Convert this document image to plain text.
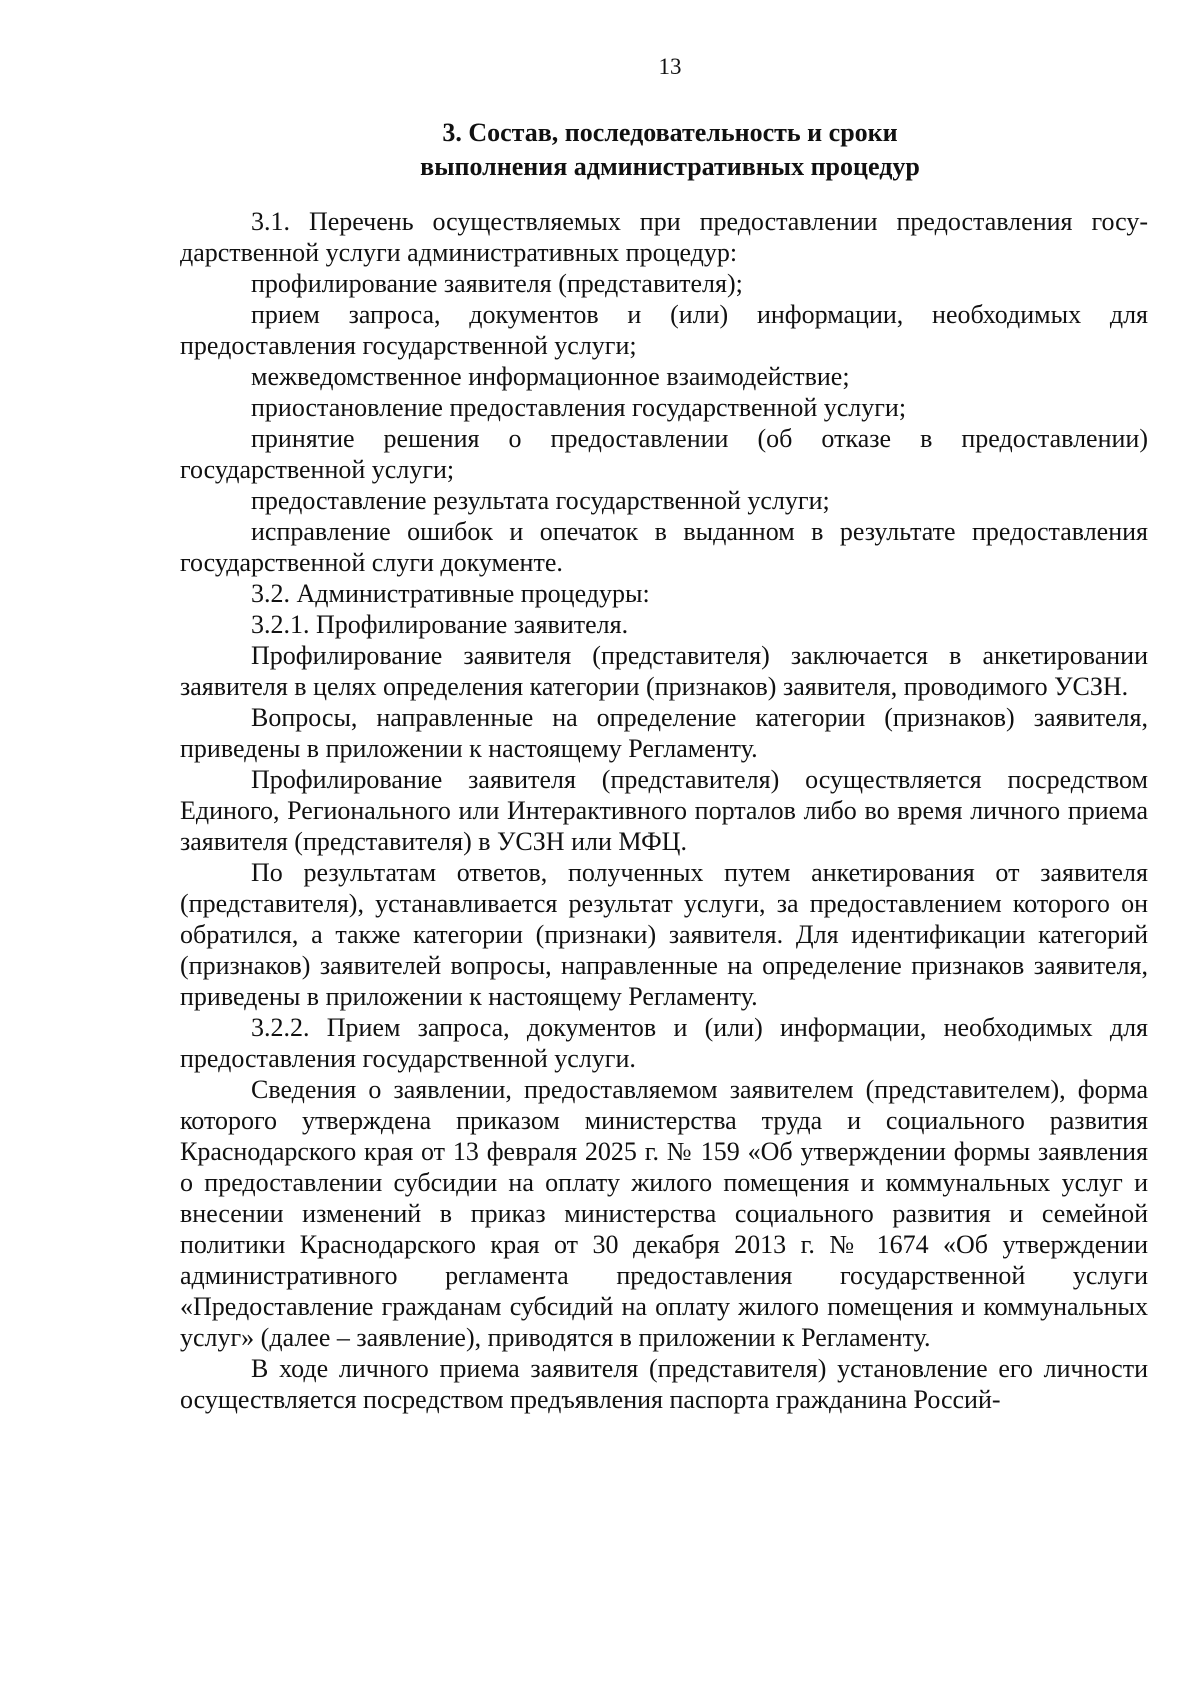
13
3. Состав, последовательность и сроки
выполнения административных процедур

3.1. Перечень осуществляемых при предоставлении предоставления государственной услуги административных процедур:

профилирование заявителя (представителя);

прием запроса, документов и (или) информации, необходимых для предоставления государственной услуги;

межведомственное информационное взаимодействие;

приостановление предоставления государственной услуги;

принятие решения о предоставлении (об отказе в предоставлении) государственной услуги;

предоставление результата государственной услуги;

исправление ошибок и опечаток в выданном в результате предоставления государственной слуги документе.

3.2. Административные процедуры:

3.2.1. Профилирование заявителя.

Профилирование заявителя (представителя) заключается в анкетировании заявителя в целях определения категории (признаков) заявителя, проводимого УСЗН.

Вопросы, направленные на определение категории (признаков) заявителя, приведены в приложении к настоящему Регламенту.

Профилирование заявителя (представителя) осуществляется посредством Единого, Регионального или Интерактивного порталов либо во время личного приема заявителя (представителя) в УСЗН или МФЦ.

По результатам ответов, полученных путем анкетирования от заявителя (представителя), устанавливается результат услуги, за предоставлением которого он обратился, а также категории (признаки) заявителя. Для идентификации категорий (признаков) заявителей вопросы, направленные на определение признаков заявителя, приведены в приложении к настоящему Регламенту.

3.2.2. Прием запроса, документов и (или) информации, необходимых для предоставления государственной услуги.

Сведения о заявлении, предоставляемом заявителем (представителем), форма которого утверждена приказом министерства труда и социального развития Краснодарского края от 13 февраля 2025 г. № 159 «Об утверждении формы заявления о предоставлении субсидии на оплату жилого помещения и коммунальных услуг и внесении изменений в приказ министерства социального развития и семейной политики Краснодарского края от 30 декабря 2013 г. № 1674 «Об утверждении административного регламента предоставления государственной услуги «Предоставление гражданам субсидий на оплату жилого помещения и коммунальных услуг» (далее – заявление), приводятся в приложении к Регламенту.

В ходе личного приема заявителя (представителя) установление его личности осуществляется посредством предъявления паспорта гражданина Россий-
